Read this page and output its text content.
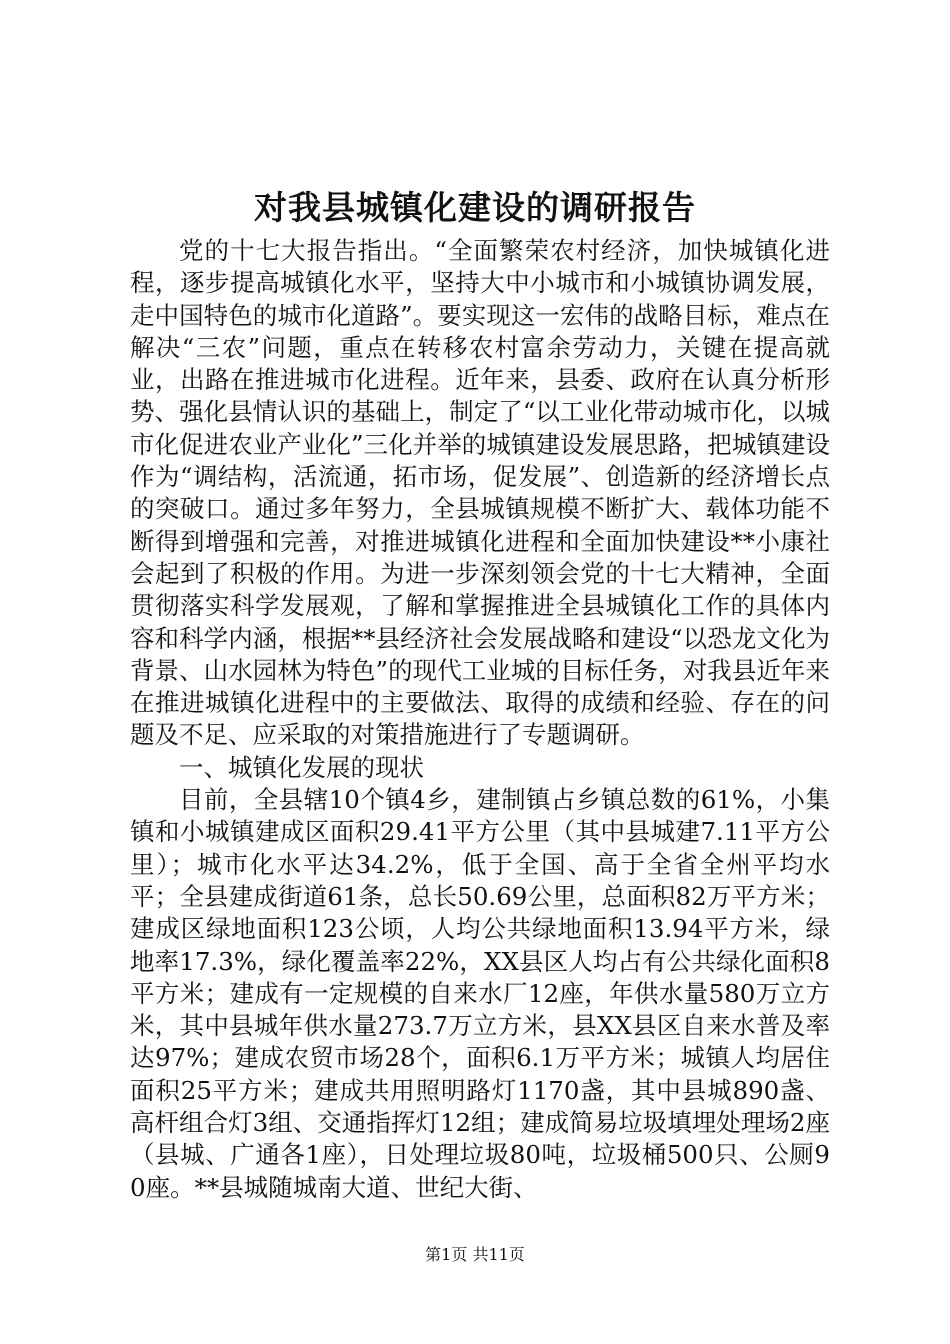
对我县城镇化建设的调研报告

党的十七大报告指出。“全面繁荣农村经济，加快城镇化进程，逐步提高城镇化水平，坚持大中小城市和小城镇协调发展，走中国特色的城市化道路”。要实现这一宏伟的战略目标，难点在解决“三农”问题，重点在转移农村富余劳动力，关键在提高就业，出路在推进城市化进程。近年来，县委、政府在认真分析形势、强化县情认识的基础上，制定了“以工业化带动城市化，以城市化促进农业产业化”三化并举的城镇建设发展思路，把城镇建设作为“调结构，活流通，拓市场，促发展”、创造新的经济增长点的突破口。通过多年努力，全县城镇规模不断扩大、载体功能不断得到增强和完善，对推进城镇化进程和全面加快建设**小康社会起到了积极的作用。为进一步深刻领会党的十七大精神，全面贯彻落实科学发展观，了解和掌握推进全县城镇化工作的具体内容和科学内涵，根据**县经济社会发展战略和建设“以恐龙文化为背景、山水园林为特色”的现代工业城的目标任务，对我县近年来在推进城镇化进程中的主要做法、取得的成绩和经验、存在的问题及不足、应采取的对策措施进行了专题调研。

一、城镇化发展的现状

目前，全县辖10个镇4乡，建制镇占乡镇总数的61%，小集镇和小城镇建成区面积29.41平方公里（其中县城建7.11平方公里）；城市化水平达34.2%，低于全国、高于全省全州平均水平；全县建成街道61条，总长50.69公里，总面积82万平方米；建成区绿地面积123公顷，人均公共绿地面积13.94平方米，绿地率17.3%，绿化覆盖率22%，XX县区人均占有公共绿化面积8平方米；建成有一定规模的自来水厂12座，年供水量580万立方米，其中县城年供水量273.7万立方米，县XX县区自来水普及率达97%；建成农贸市场28个，面积6.1万平方米；城镇人均居住面积25平方米；建成共用照明路灯1170盏，其中县城890盏、高杆组合灯3组、交通指挥灯12组；建成简易垃圾填埋处理场2座（县城、广通各1座），日处理垃圾80吨，垃圾桶500只、公厕90座。**县城随城南大道、世纪大街、

第1页 共11页
